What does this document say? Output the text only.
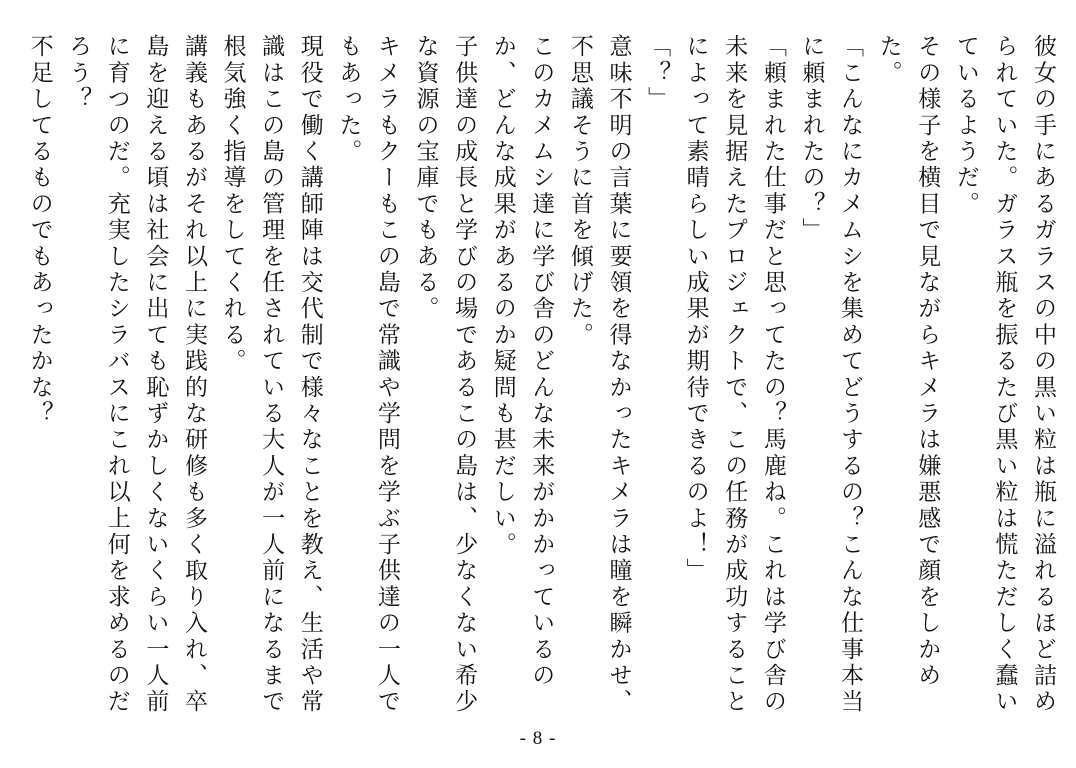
彼女の手にあるガラスの中の黒い粒は瓶に溢れるほど詰められていた。ガラス瓶を振るたび黒い粒は慌ただしく蠢いているようだ。

その様子を横目で見ながらキメラは嫌悪感で顔をしかめた。

「こんなにカメムシを集めてどうするの？こんな仕事本当に頼まれたの？」

「頼まれた仕事だと思ってたの？馬鹿ね。これは学び舎の未来を見据えたプロジェクトで、この任務が成功することによって素晴らしい成果が期待できるのよ！」

「？」

意味不明の言葉に要領を得なかったキメラは瞳を瞬かせ、不思議そうに首を傾げた。

このカメムシ達に学び舎のどんな未来がかかっているのか、どんな成果があるのか疑問も甚だしい。

子供達の成長と学びの場であるこの島は、少なくない希少な資源の宝庫でもある。

キメラもクーもこの島で常識や学問を学ぶ子供達の一人でもあった。

現役で働く講師陣は交代制で様々なことを教え、生活や常識はこの島の管理を任されている大人が一人前になるまで根気強く指導をしてくれる。

講義もあるがそれ以上に実践的な研修も多く取り入れ、卒島を迎える頃は社会に出ても恥ずかしくないくらい一人前に育つのだ。充実したシラバスにこれ以上何を求めるのだろう？

不足してるものでもあったかな？

- 8 -
